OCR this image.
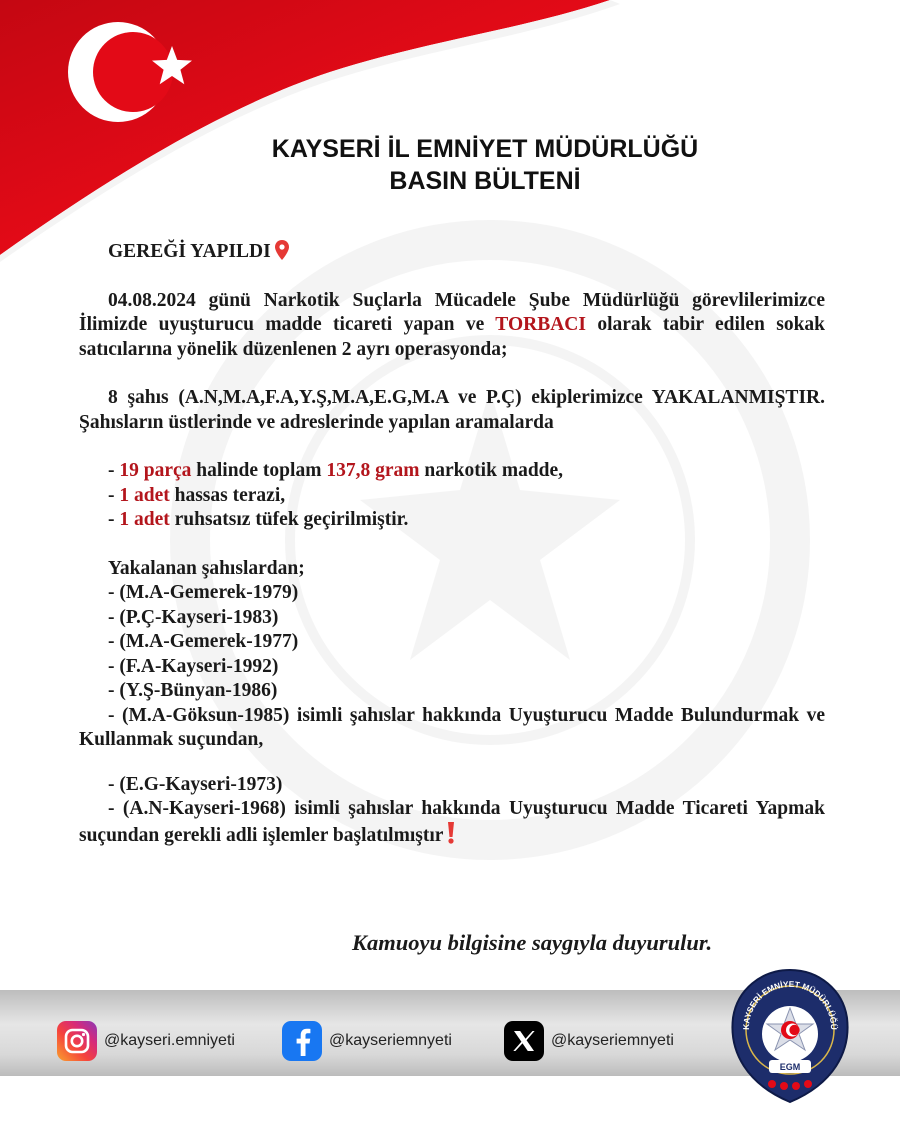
KAYSERİ İL EMNİYET MÜDÜRLÜĞÜ
BASIN BÜLTENİ

GEREĞİ YAPILDI

04.08.2024 günü Narkotik Suçlarla Mücadele Şube Müdürlüğü görevlilerimizce İlimizde uyuşturucu madde ticareti yapan ve TORBACI olarak tabir edilen sokak satıcılarına yönelik düzenlenen 2 ayrı operasyonda;

8 şahıs (A.N,M.A,F.A,Y.Ş,M.A,E.G,M.A ve P.Ç) ekiplerimizce YAKALANMIŞTIR. Şahısların üstlerinde ve adreslerinde yapılan aramalarda

- 19 parça halinde toplam 137,8 gram narkotik madde,
- 1 adet hassas terazi,
- 1 adet ruhsatsız tüfek geçirilmiştir.
Yakalanan şahıslardan;
- (M.A-Gemerek-1979)
- (P.Ç-Kayseri-1983)
- (M.A-Gemerek-1977)
- (F.A-Kayseri-1992)
- (Y.Ş-Bünyan-1986)

- (M.A-Göksun-1985) isimli şahıslar hakkında Uyuşturucu Madde Bulundurmak ve Kullanmak suçundan,

- (E.G-Kayseri-1973)

- (A.N-Kayseri-1968) isimli şahıslar hakkında Uyuşturucu Madde Ticareti Yapmak suçundan gerekli adli işlemler başlatılmıştır

Kamuoyu bilgisine saygıyla duyurulur.
@kayseri.emniyeti	@kayseriemnyeti	@kayseriemnyeti
KAYSERİ EMNİYET MÜDÜRLÜĞÜ
EGM
